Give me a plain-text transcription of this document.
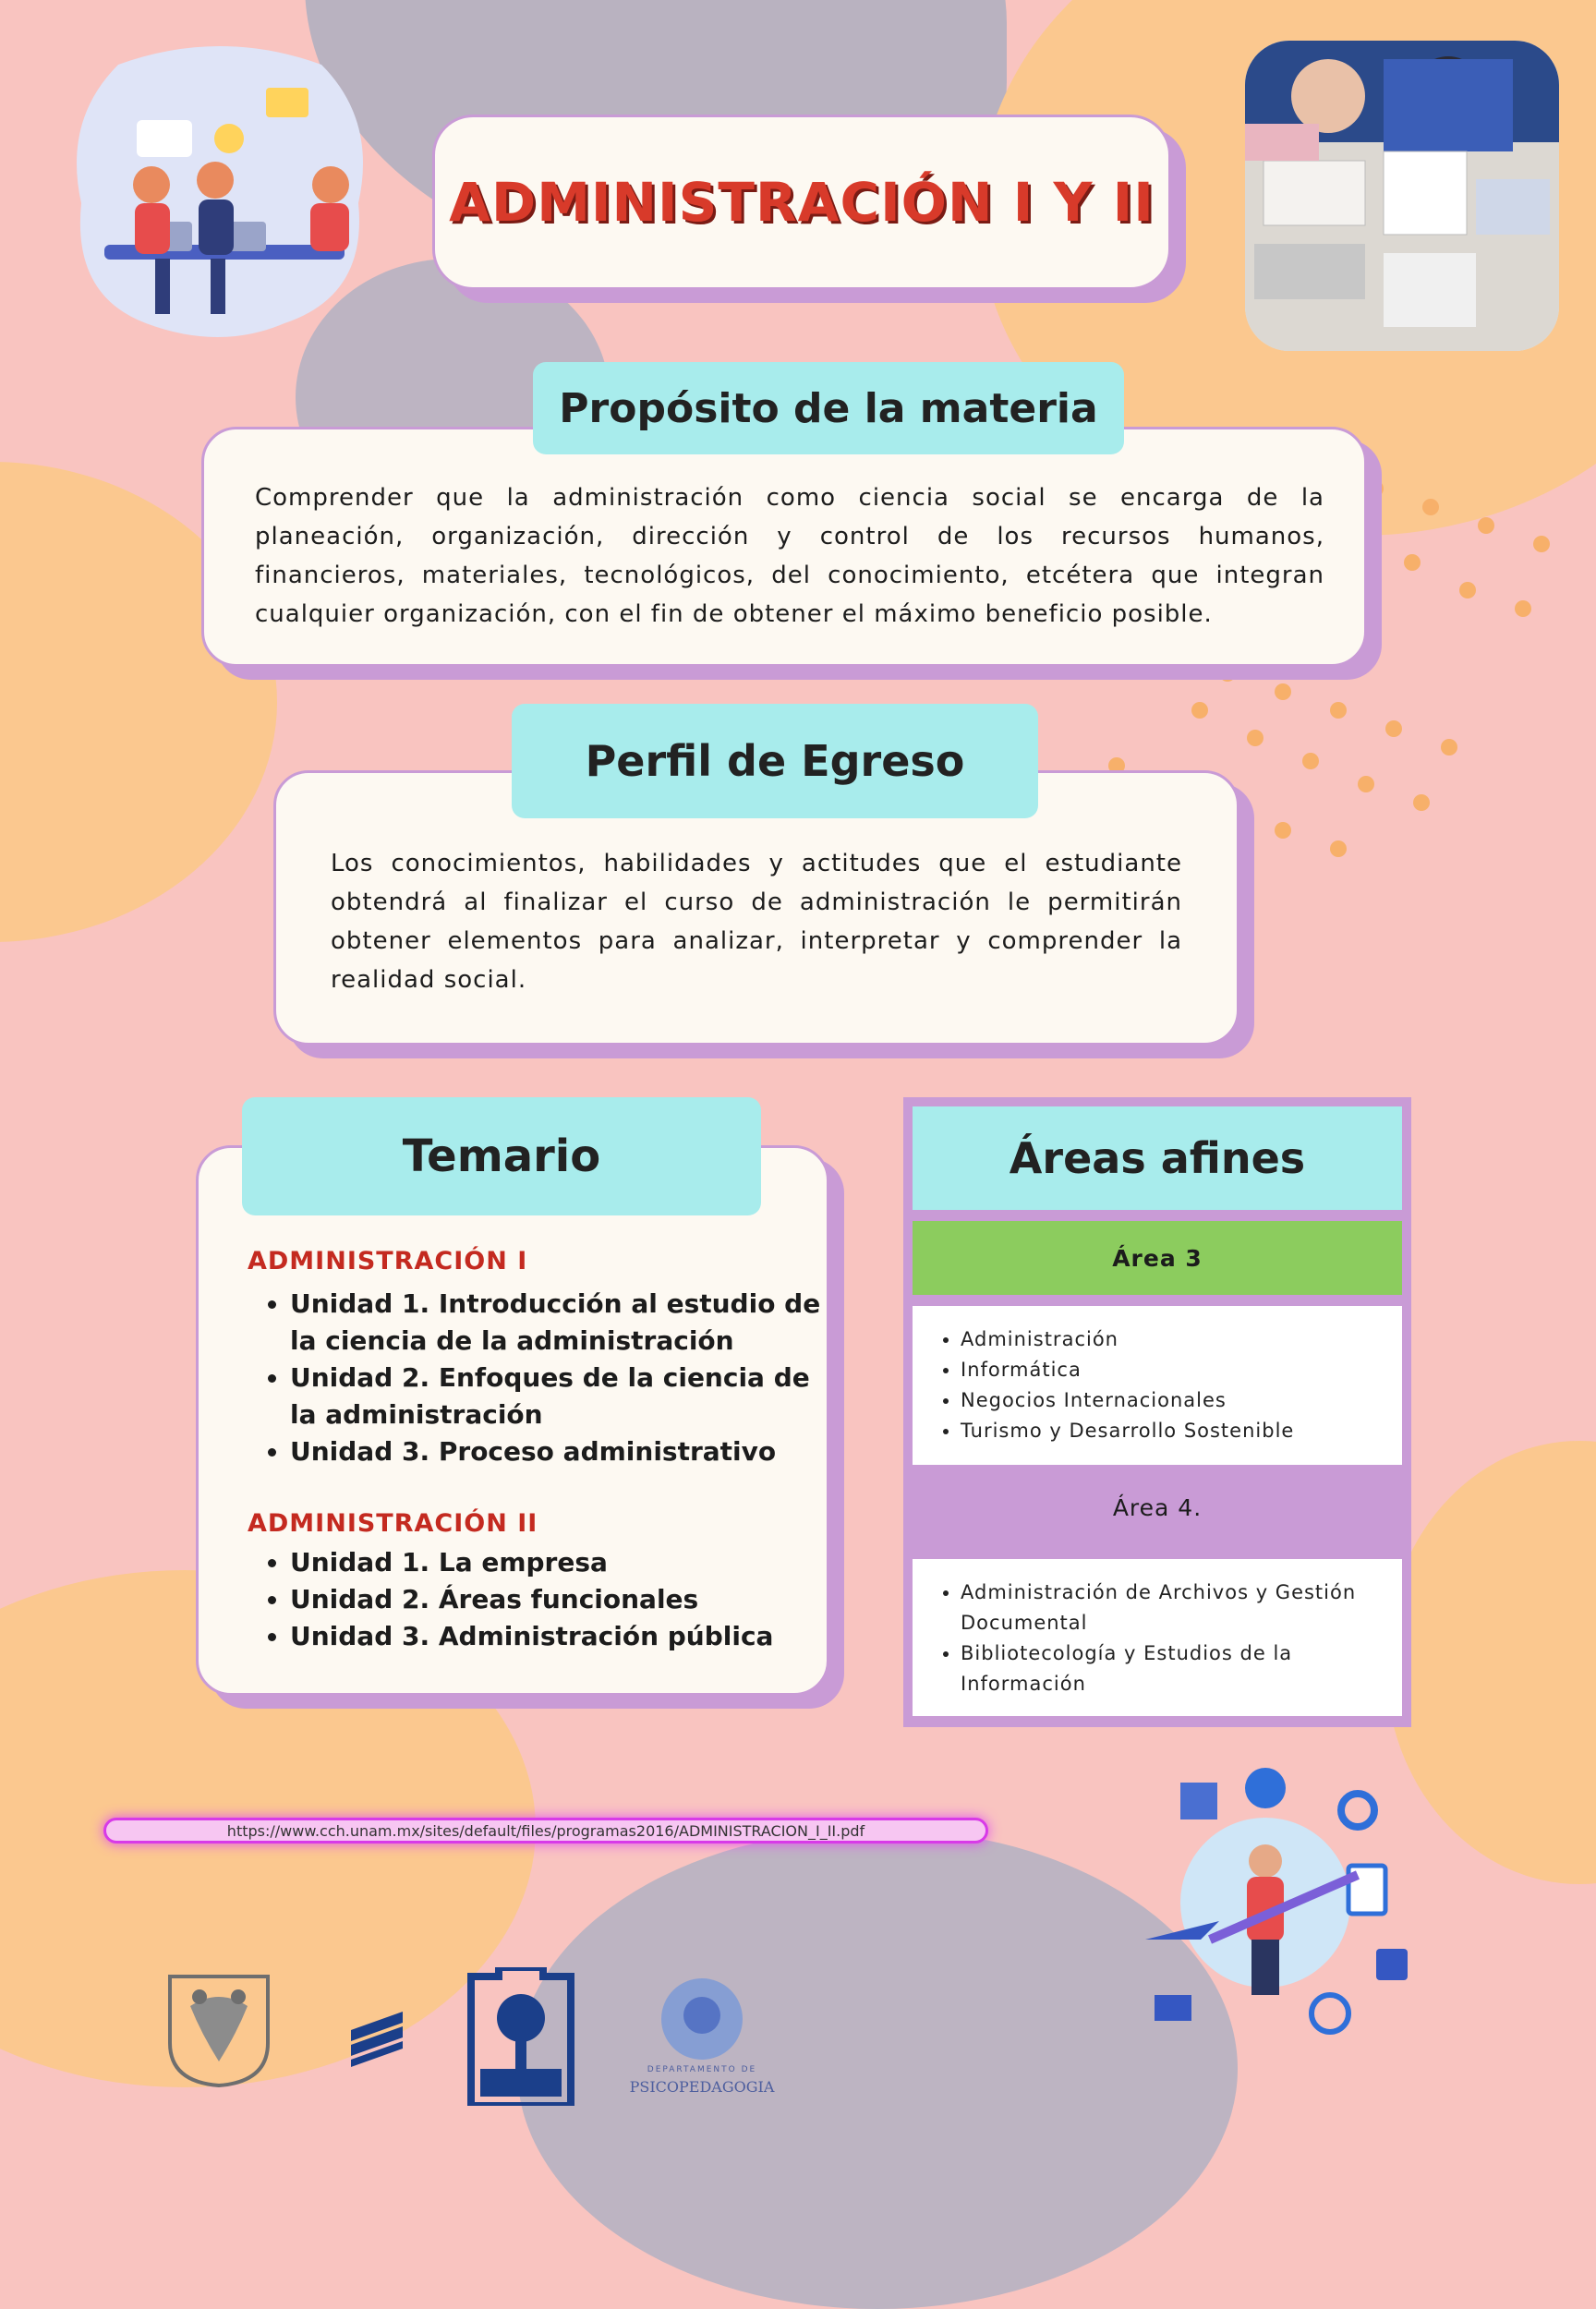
ADMINISTRACIÓN I Y II
Propósito de la materia
Comprender que la administración como ciencia social se encarga de la planeación, organización, dirección y control de los recursos humanos, financieros, materiales, tecnológicos, del conocimiento, etcétera que integran cualquier organización, con el fin de obtener el máximo beneficio posible.
Perfil de Egreso
Los conocimientos, habilidades y actitudes que el estudiante obtendrá al finalizar el curso de administración le permitirán obtener elementos para analizar, interpretar y comprender la realidad social.
Temario
ADMINISTRACIÓN I
• Unidad 1. Introducción al estudio de la ciencia de la administración
• Unidad 2. Enfoques de la ciencia de la administración
• Unidad 3. Proceso administrativo
ADMINISTRACIÓN II
• Unidad 1. La empresa
• Unidad 2. Áreas funcionales
• Unidad 3. Administración pública
Áreas afines
Área 3
• Administración
• Informática
• Negocios Internacionales
• Turismo y Desarrollo Sostenible
Área 4.
• Administración de Archivos y Gestión Documental
• Bibliotecología y Estudios de la Información
https://www.cch.unam.mx/sites/default/files/programas2016/ADMINISTRACION_I_II.pdf
DEPARTAMENTO DE
PSICOPEDAGOGIA
